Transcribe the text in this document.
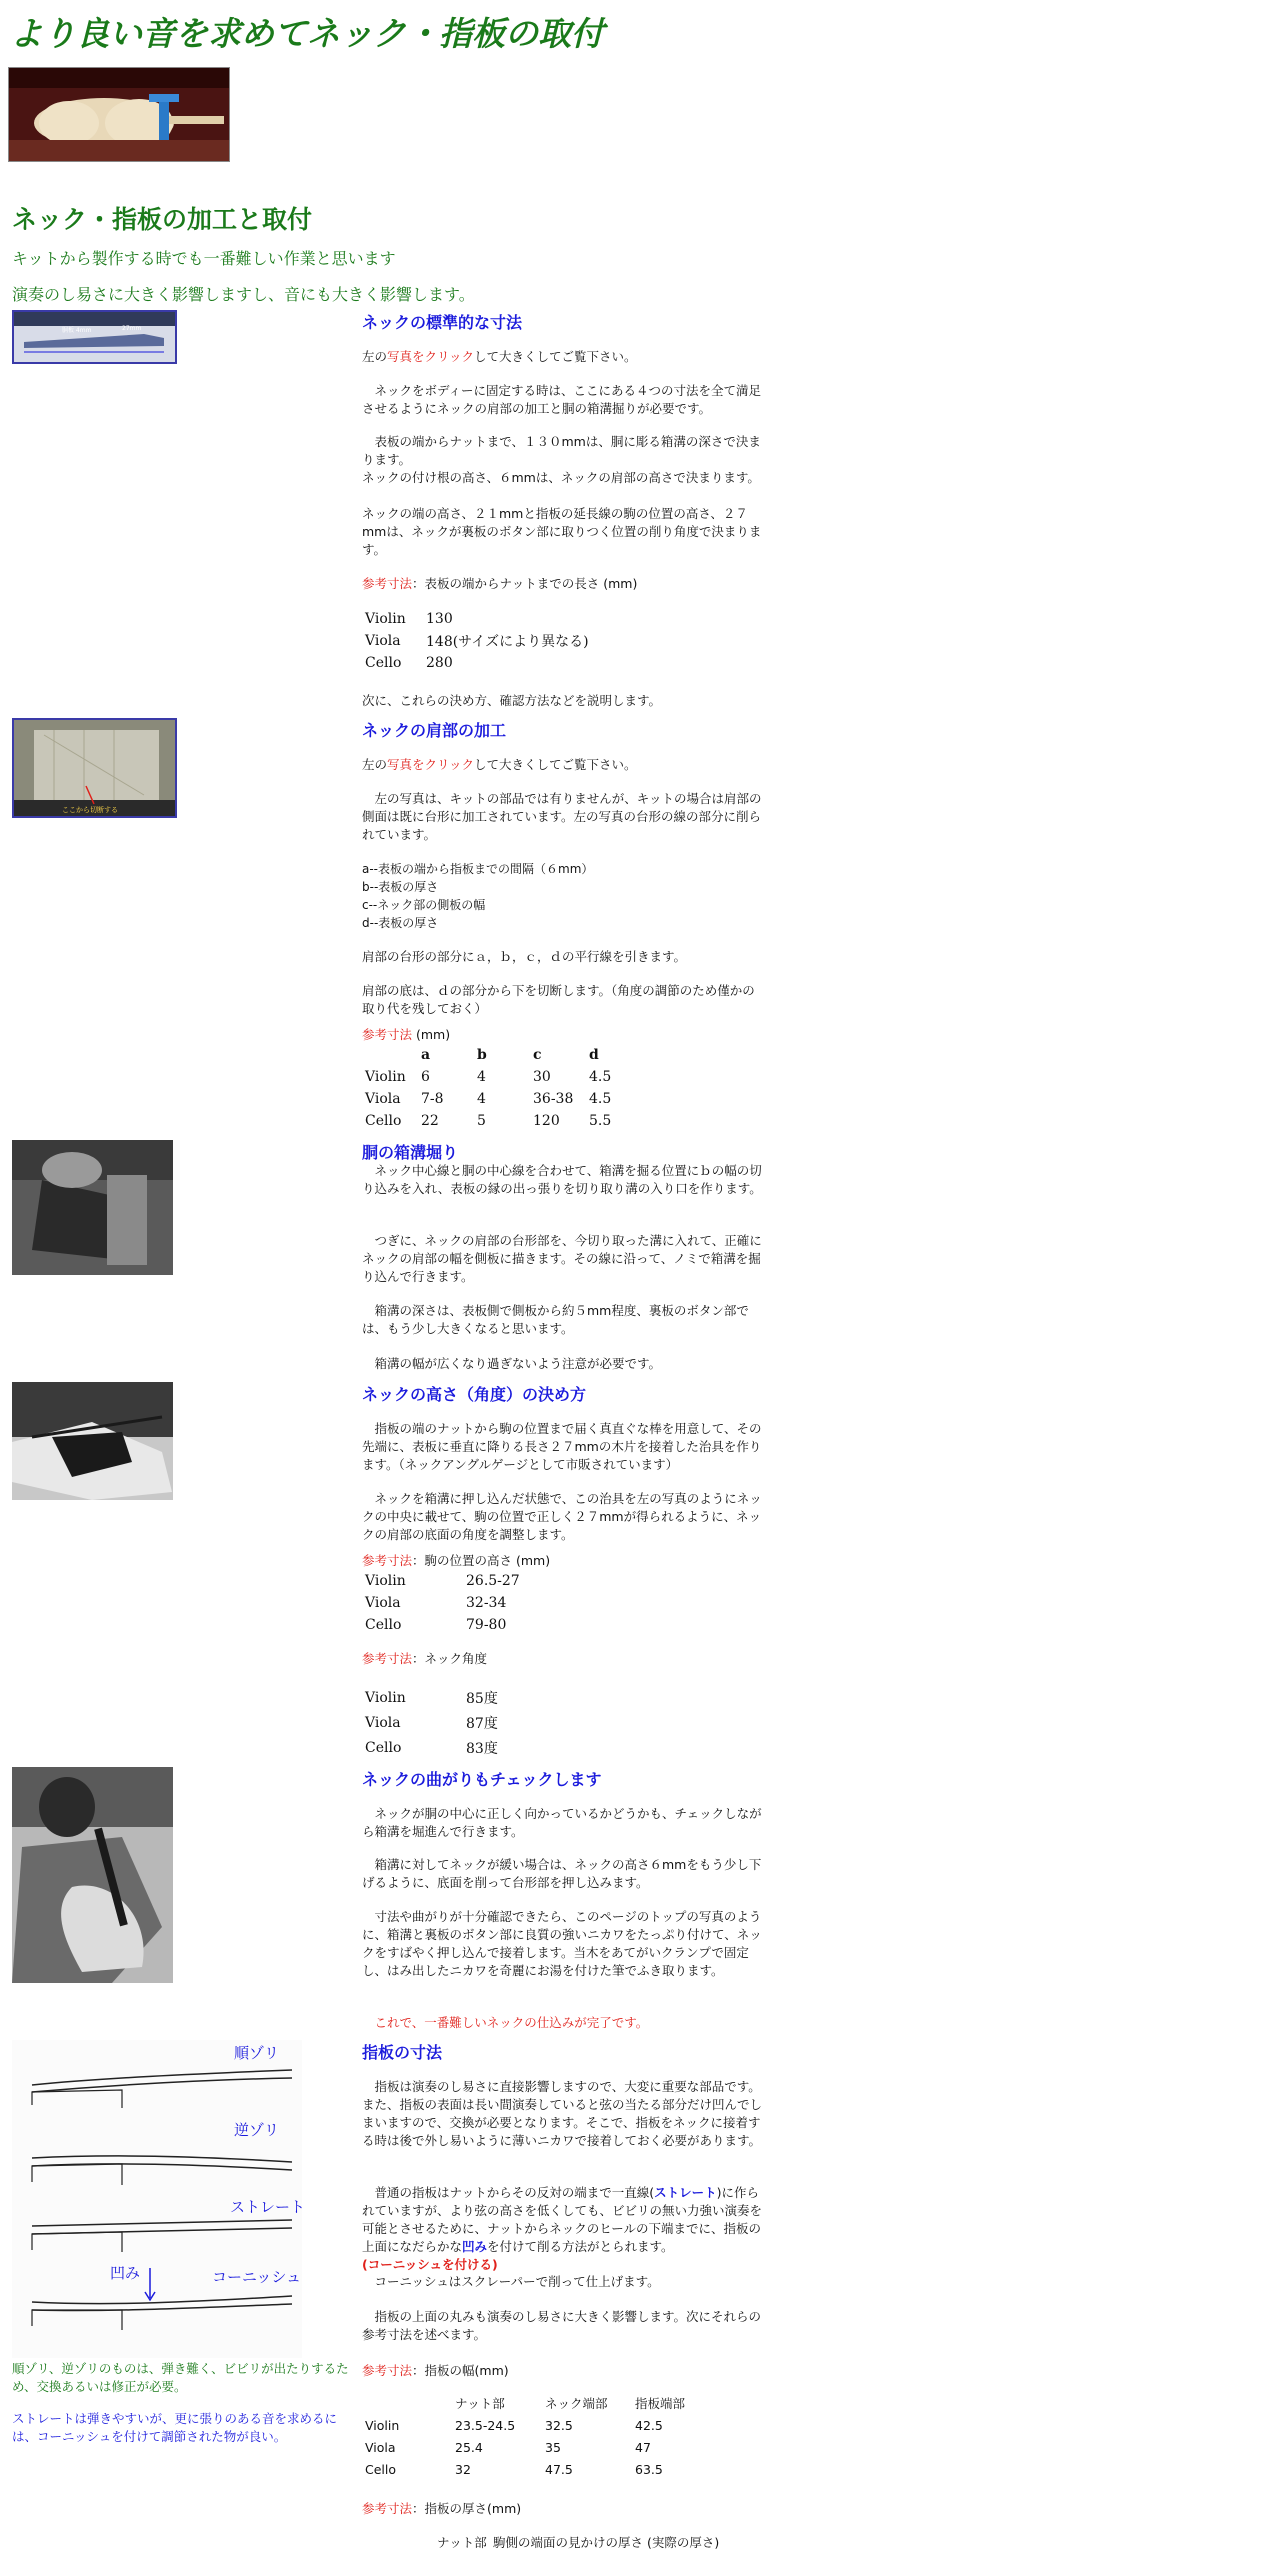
より良い音を求めてネック・指板の取付
ネック・指板の加工と取付

キットから製作する時でも一番難しい作業と思います

演奏のし易さに大きく影響しますし、音にも大きく影響します。

胴板 4mm	27mm	ネックの標準的な寸法

左の写真をクリックして大きくしてご覧下さい。

　ネックをボディーに固定する時は、ここにある４つの寸法を全て満足させるようにネックの肩部の加工と胴の箱溝掘りが必要です。

　表板の端からナットまで、１３０mmは、胴に彫る箱溝の深さで決まります。

ネックの付け根の高さ、６mmは、ネックの肩部の高さで決まります。

ネックの端の高さ、２１mmと指板の延長線の駒の位置の高さ、２７mmは、ネックが裏板のボタン部に取りつく位置の削り角度で決まります。

参考寸法：表板の端からナットまでの長さ (mm)

Violin	130
Viola	148(サイズにより異なる)
Cello	280

次に、これらの決め方、確認方法などを説明します。

ここから切断する
ネックの肩部の加工

左の写真をクリックして大きくしてご覧下さい。

　左の写真は、キットの部品では有りませんが、キットの場合は肩部の側面は既に台形に加工されています。左の写真の台形の線の部分に削られています。

a--表板の端から指板までの間隔（６mm）
b--表板の厚さ
c--ネック部の側板の幅
d--表板の厚さ

肩部の台形の部分にａ，ｂ，ｃ，ｄの平行線を引きます。

肩部の底は、ｄの部分から下を切断します。（角度の調節のため僅かの取り代を残しておく）

参考寸法 (mm)

	a	b	c	d
Violin	6	4	30	4.5
Viola	7-8	4	36-38	4.5
Cello	22	5	120	5.5
胴の箱溝堀り

　ネック中心線と胴の中心線を合わせて、箱溝を掘る位置にｂの幅の切り込みを入れ、表板の縁の出っ張りを切り取り溝の入り口を作ります。

　つぎに、ネックの肩部の台形部を、今切り取った溝に入れて、正確にネックの肩部の幅を側板に描きます。その線に沿って、ノミで箱溝を掘り込んで行きます。

　箱溝の深さは、表板側で側板から約５mm程度、裏板のボタン部では、もう少し大きくなると思います。

　箱溝の幅が広くなり過ぎないよう注意が必要です。

ネックの高さ（角度）の決め方

　指板の端のナットから駒の位置まで届く真直ぐな棒を用意して、その先端に、表板に垂直に降りる長さ２７mmの木片を接着した治具を作ります。（ネックアングルゲージとして市販されています）

　ネックを箱溝に押し込んだ状態で、この治具を左の写真のようにネックの中央に載せて、駒の位置で正しく２７mmが得られるように、ネックの肩部の底面の角度を調整します。

参考寸法：駒の位置の高さ (mm)

Violin	26.5-27
Viola	32-34
Cello	79-80

参考寸法：ネック角度

Violin	85度
Viola	87度
Cello	83度
ネックの曲がりもチェックします

　ネックが胴の中心に正しく向かっているかどうかも、チェックしながら箱溝を堀進んで行きます。

　箱溝に対してネックが緩い場合は、ネックの高さ６mmをもう少し下げるように、底面を削って台形部を押し込みます。

　寸法や曲がりが十分確認できたら、このページのトップの写真のように、箱溝と裏板のボタン部に良質の強いニカワをたっぷり付けて、ネックをすばやく押し込んで接着します。当木をあてがいクランプで固定し、はみ出したニカワを奇麗にお湯を付けた筆でふき取ります。

　これで、一番難しいネックの仕込みが完了です。

順ゾリ
逆ゾリ
ストレート
凹み	コーニッシュ

順ゾリ、逆ゾリのものは、弾き難く、ビビリが出たりするため、交換あるいは修正が必要。

ストレートは弾きやすいが、更に張りのある音を求めるには、コーニッシュを付けて調節された物が良い。

指板の寸法

　指板は演奏のし易さに直接影響しますので、大変に重要な部品です。また、指板の表面は長い間演奏していると弦の当たる部分だけ凹んでしまいますので、交換が必要となります。そこで、指板をネックに接着する時は後で外し易いように薄いニカワで接着しておく必要があります。

　普通の指板はナットからその反対の端まで一直線(ストレート)に作られていますが、より弦の高さを低くしても、ビビリの無い力強い演奏を可能とさせるために、ナットからネックのヒールの下端までに、指板の上面になだらかな凹みを付けて削る方法がとられます。
(コーニッシュを付ける)

　コーニッシュはスクレーパーで削って仕上げます。

　指板の上面の丸みも演奏のし易さに大きく影響します。次にそれらの参考寸法を述べます。

参考寸法：指板の幅(mm)

	ナット部	ネック端部	指板端部
Violin	23.5-24.5	32.5	42.5
Viola	25.4	35	47
Cello	32	47.5	63.5

参考寸法：指板の厚さ(mm)

	ナット部	駒側の端面の見かけの厚さ (実際の厚さ)
